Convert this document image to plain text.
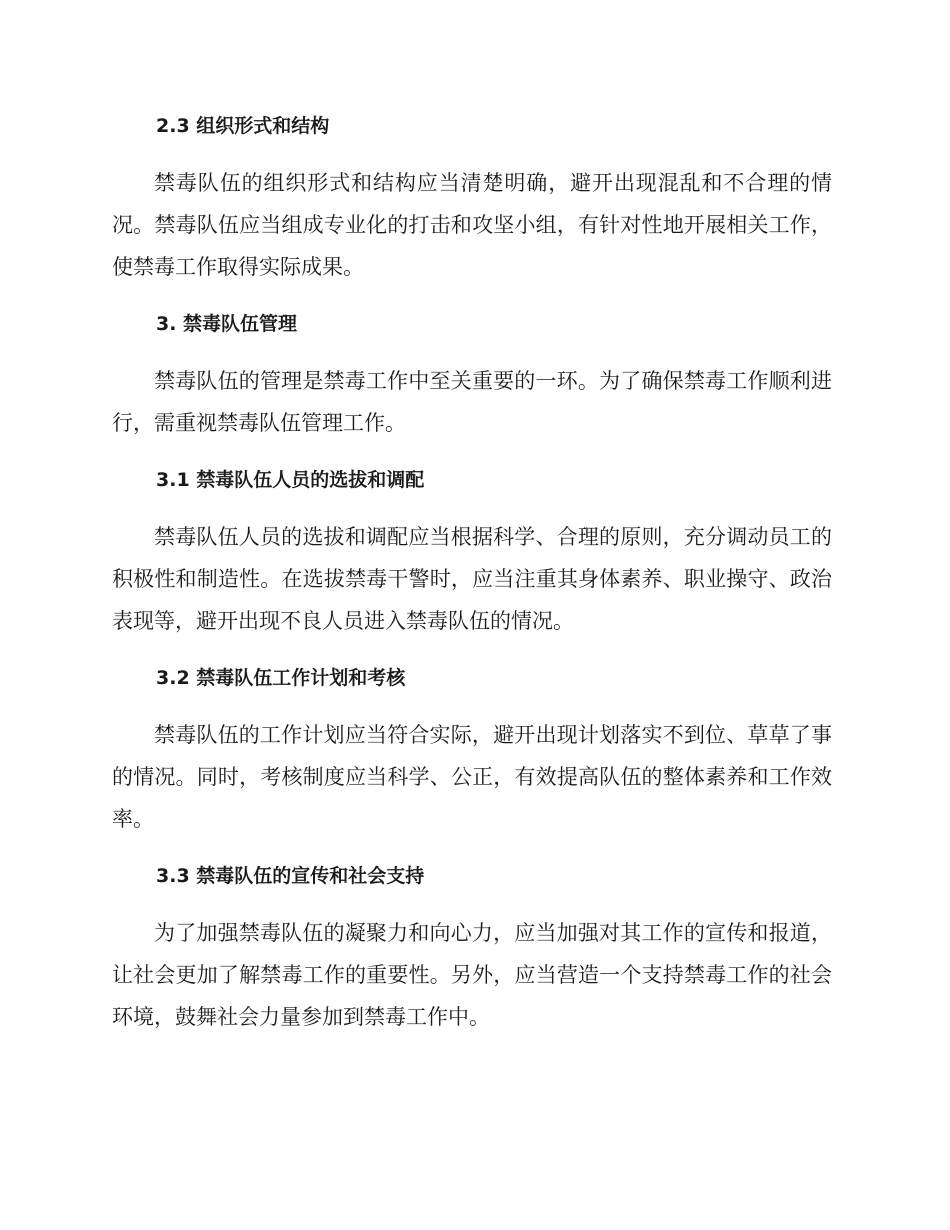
2.3 组织形式和结构

禁毒队伍的组织形式和结构应当清楚明确，避开出现混乱和不合理的情况。禁毒队伍应当组成专业化的打击和攻坚小组，有针对性地开展相关工作，使禁毒工作取得实际成果。

3. 禁毒队伍管理

禁毒队伍的管理是禁毒工作中至关重要的一环。为了确保禁毒工作顺利进行，需重视禁毒队伍管理工作。

3.1 禁毒队伍人员的选拔和调配

禁毒队伍人员的选拔和调配应当根据科学、合理的原则，充分调动员工的积极性和制造性。在选拔禁毒干警时，应当注重其身体素养、职业操守、政治表现等，避开出现不良人员进入禁毒队伍的情况。

3.2 禁毒队伍工作计划和考核

禁毒队伍的工作计划应当符合实际，避开出现计划落实不到位、草草了事的情况。同时，考核制度应当科学、公正，有效提高队伍的整体素养和工作效率。

3.3 禁毒队伍的宣传和社会支持

为了加强禁毒队伍的凝聚力和向心力，应当加强对其工作的宣传和报道，让社会更加了解禁毒工作的重要性。另外，应当营造一个支持禁毒工作的社会环境，鼓舞社会力量参加到禁毒工作中。
